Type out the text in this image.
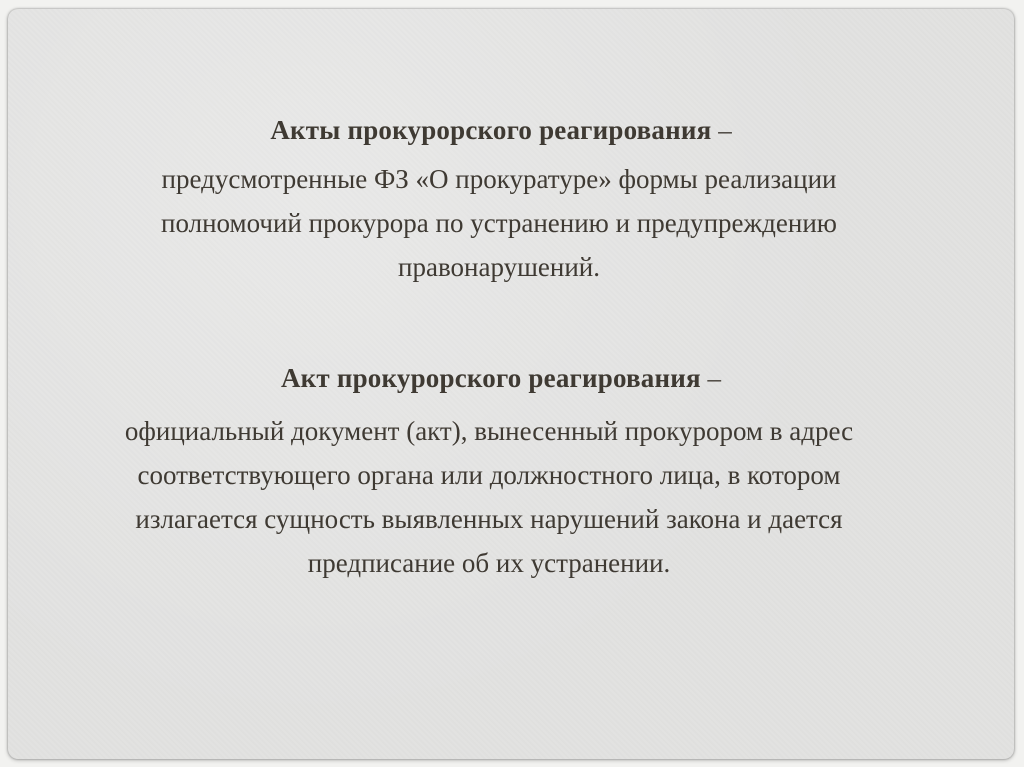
Акты прокурорского реагирования –

предусмотренные ФЗ «О прокуратуре» формы реализации
полномочий прокурора по устранению и предупреждению
правонарушений.

Акт прокурорского реагирования –

официальный документ (акт), вынесенный прокурором в адрес
соответствующего органа или должностного лица, в котором
излагается сущность выявленных нарушений закона и дается
предписание об их устранении.
